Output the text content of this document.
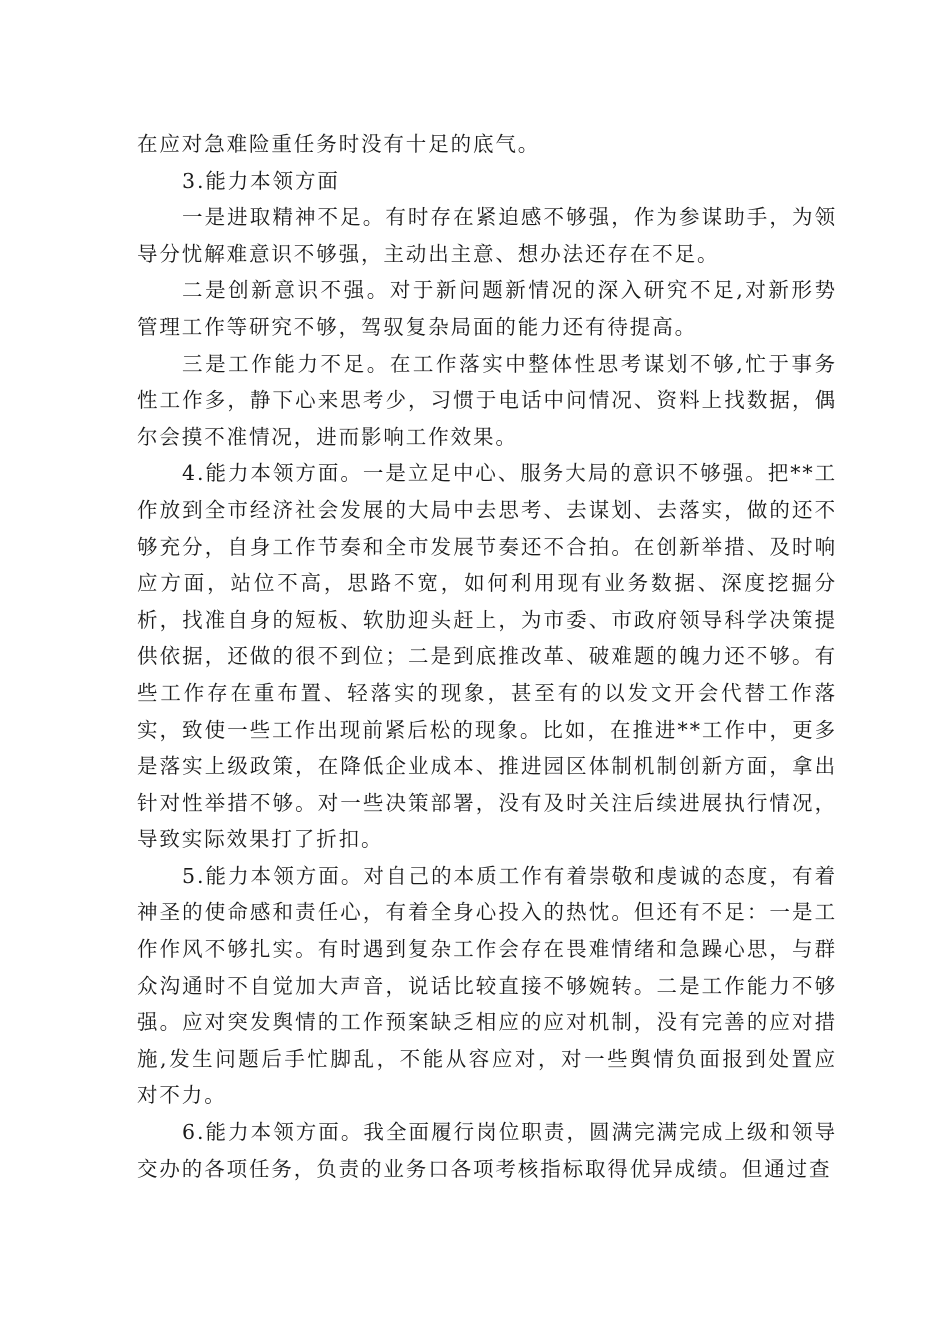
在应对急难险重任务时没有十足的底气。

3.能力本领方面

一是进取精神不足。有时存在紧迫感不够强，作为参谋助手，为领导分忧解难意识不够强，主动出主意、想办法还存在不足。

二是创新意识不强。对于新问题新情况的深入研究不足,对新形势管理工作等研究不够，驾驭复杂局面的能力还有待提高。

三是工作能力不足。在工作落实中整体性思考谋划不够,忙于事务性工作多，静下心来思考少，习惯于电话中问情况、资料上找数据，偶尔会摸不准情况，进而影响工作效果。

4.能力本领方面。一是立足中心、服务大局的意识不够强。把**工作放到全市经济社会发展的大局中去思考、去谋划、去落实，做的还不够充分，自身工作节奏和全市发展节奏还不合拍。在创新举措、及时响应方面，站位不高，思路不宽，如何利用现有业务数据、深度挖掘分析，找准自身的短板、软肋迎头赶上，为市委、市政府领导科学决策提供依据，还做的很不到位；二是到底推改革、破难题的魄力还不够。有些工作存在重布置、轻落实的现象，甚至有的以发文开会代替工作落实，致使一些工作出现前紧后松的现象。比如，在推进**工作中，更多是落实上级政策，在降低企业成本、推进园区体制机制创新方面，拿出针对性举措不够。对一些决策部署，没有及时关注后续进展执行情况，导致实际效果打了折扣。

5.能力本领方面。对自己的本质工作有着崇敬和虔诚的态度，有着神圣的使命感和责任心，有着全身心投入的热忱。但还有不足：一是工作作风不够扎实。有时遇到复杂工作会存在畏难情绪和急躁心思，与群众沟通时不自觉加大声音，说话比较直接不够婉转。二是工作能力不够强。应对突发舆情的工作预案缺乏相应的应对机制，没有完善的应对措施,发生问题后手忙脚乱，不能从容应对，对一些舆情负面报到处置应对不力。

6.能力本领方面。我全面履行岗位职责，圆满完满完成上级和领导交办的各项任务，负责的业务口各项考核指标取得优异成绩。但通过查
